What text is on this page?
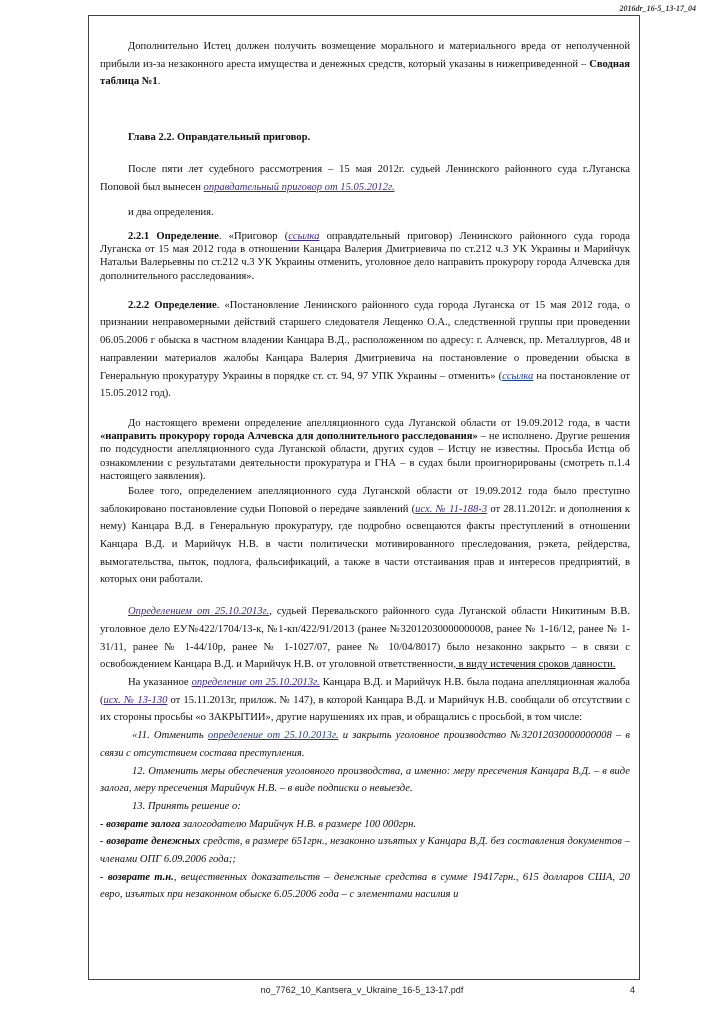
2016dr_16-5_13-17_04

Дополнительно Истец должен получить возмещение морального и материального вреда от неполученной прибыли из-за незаконного ареста имущества и денежных средств, который указаны в нижеприведенной – Сводная таблица №1.

Глава 2.2. Оправдательный приговор.

После пяти лет судебного рассмотрения – 15 мая 2012г. судьей Ленинского районного суда г.Луганска Поповой был вынесен оправдательный приговор от 15.05.2012г.

и два определения.

2.2.1 Определение. «Приговор (ссылка оправдательный приговор) Ленинского районного суда города Луганска от 15 мая 2012 года в отношении Канцара Валерия Дмитриевича по ст.212 ч.3 УК Украины и Марийчук Натальи Валерьевны по ст.212 ч.3 УК Украины отменить, уголовное дело направить прокурору города Алчевска для дополнительного расследования».

2.2.2 Определение. «Постановление Ленинского районного суда города Луганска от 15 мая 2012 года, о признании неправомерными действий старшего следователя Лещенко О.А., следственной группы при проведении 06.05.2006 г обыска в частном владении Канцара В.Д., расположенном по адресу: г. Алчевск, пр. Металлургов, 48 и направлении материалов жалобы Канцара Валерия Дмитриевича на постановление о проведении обыска в Генеральную прокуратуру Украины в порядке ст. ст. 94, 97 УПК Украины – отменить» (ссылка на постановление от 15.05.2012 год).

До настоящего времени определение апелляционного суда Луганской области от 19.09.2012 года, в части «направить прокурору города Алчевска для дополнительного расследования» – не исполнено. Другие решения по подсудности апелляционного суда Луганской области, других судов – Истцу не известны. Просьба Истца об ознакомлении с результатами деятельности прокуратура и ГНА – в судах были проигнорированы (смотреть п.1.4 настоящего заявления).

Более того, определением апелляционного суда Луганской области от 19.09.2012 года было преступно заблокировано постановление судьи Поповой о передаче заявлений (исх. № 11-188-3 от 28.11.2012г. и дополнения к нему) Канцара В.Д. в Генеральную прокуратуру, где подробно освещаются факты преступлений в отношении Канцара В.Д. и Марийчук Н.В. в части политически мотивированного преследования, рэкета, рейдерства, вымогательства, пыток, подлога, фальсификаций, а также в части отстаивания прав и интересов предприятий, в которых они работали.

Определением от 25.10.2013г., судьей Перевальского районного суда Луганской области Никитиным В.В. уголовное дело ЕУ№422/1704/13-к, №1-кп/422/91/2013 (ранее №32012030000000008, ранее № 1-16/12, ранее № 1-31/11, ранее № 1-44/10р, ранее № 1-1027/07, ранее № 10/04/8017) было незаконно закрыто – в связи с освобождением Канцара В.Д. и Марийчук Н.В. от уголовной ответственности, в виду истечения сроков давности.

На указанное определение от 25.10.2013г. Канцара В.Д. и Марийчук Н.В. была подана апелляционная жалоба (исх. № 13-130 от 15.11.2013г, прилож. № 147), в которой Канцара В.Д. и Марийчук Н.В. сообщали об отсутствии с их стороны просьбы «о ЗАКРЫТИИ», другие нарушениях их прав, и обращались с просьбой, в том числе:

«11. Отменить определение от 25.10.2013г. и закрыть уголовное производство №32012030000000008 – в связи с отсутствием состава преступления.

12. Отменить меры обеспечения уголовного производства, а именно: меру пресечения Канцара В.Д. – в виде залога, меру пресечения Марийчук Н.В. – в виде подписки о невыезде.

13. Принять решение о:

- возврате залога залогодателю Марийчук Н.В. в размере 100 000грн.

- возврате денежных средств, в размере 651грн., незаконно изъятых у Канцара В.Д. без составления документов – членами ОПГ 6.09.2006 года;;

- возврате т.н., вещественных доказательств – денежные средства в сумме 19417грн., 615 долларов США, 20 евро, изъятых при незаконном обыске 6.05.2006 года – с элементами насилия и

no_7762_10_Kantsera_v_Ukraine_16-5_13-17.pdf	4
